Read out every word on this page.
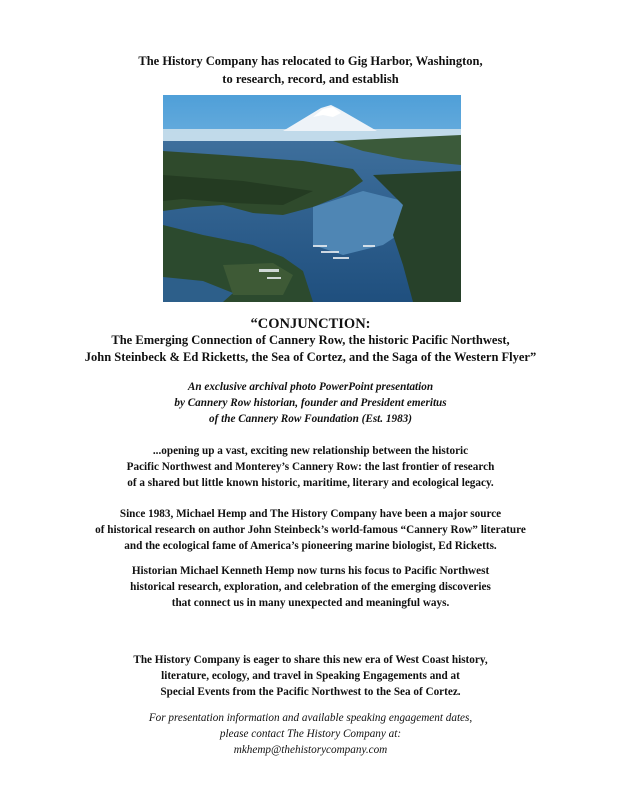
The History Company has relocated to Gig Harbor, Washington,
to research, record, and establish
“CONJUNCTION:
The Emerging Connection of Cannery Row, the historic Pacific Northwest,
John Steinbeck & Ed Ricketts, the Sea of Cortez, and the Saga of the Western Flyer”
An exclusive archival photo PowerPoint presentation
by Cannery Row historian, founder and President emeritus
of the Cannery Row Foundation (Est. 1983)
...opening up a vast, exciting new relationship between the historic
Pacific Northwest and Monterey’s Cannery Row: the last frontier of research
of a shared but little known historic, maritime, literary and ecological legacy.
Since 1983, Michael Hemp and The History Company have been a major source
of historical research on author John Steinbeck’s world-famous “Cannery Row” literature
and the ecological fame of America’s pioneering marine biologist, Ed Ricketts.
Historian Michael Kenneth Hemp now turns his focus to Pacific Northwest
historical research, exploration, and celebration of the emerging discoveries
that connect us in many unexpected and meaningful ways.
The History Company is eager to share this new era of West Coast history,
literature, ecology, and travel in Speaking Engagements and at
Special Events from the Pacific Northwest to the Sea of Cortez.
For presentation information and available speaking engagement dates,
please contact The History Company at:
mkhemp@thehistorycompany.com
